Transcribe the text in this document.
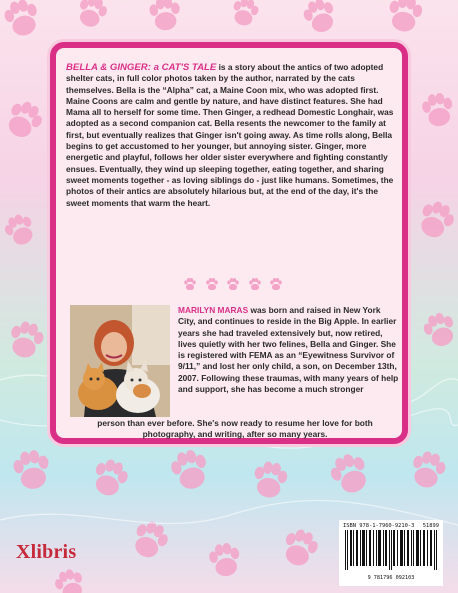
BELLA & GINGER: a CAT'S TALE is a story about the antics of two adopted shelter cats, in full color photos taken by the author, narrated by the cats themselves. Bella is the “Alpha” cat, a Maine Coon mix, who was adopted first. Maine Coons are calm and gentle by nature, and have distinct features. She had Mama all to herself for some time. Then Ginger, a redhead Domestic Longhair, was adopted as a second companion cat. Bella resents the newcomer to the family at first, but eventually realizes that Ginger isn't going away. As time rolls along, Bella begins to get accustomed to her younger, but annoying sister. Ginger, more energetic and playful, follows her older sister everywhere and fighting constantly ensues. Eventually, they wind up sleeping together, eating together, and sharing sweet moments together - as loving siblings do - just like humans. Sometimes, the photos of their antics are absolutely hilarious but, at the end of the day, it's the sweet moments that warm the heart.
MARILYN MARAS was born and raised in New York City, and continues to reside in the Big Apple. In earlier years she had traveled extensively but, now retired, lives quietly with her two felines, Bella and Ginger. She is registered with FEMA as an “Eyewitness Survivor of 9/11,” and lost her only child, a son, on December 13th, 2007. Following these traumas, with many years of help and support, she has become a much stronger
person than ever before. She's now ready to resume her love for both photography, and writing, after so many years.
ISBN 978-1-7960-9210-3 51899
9 781796 092103
Xlibris
